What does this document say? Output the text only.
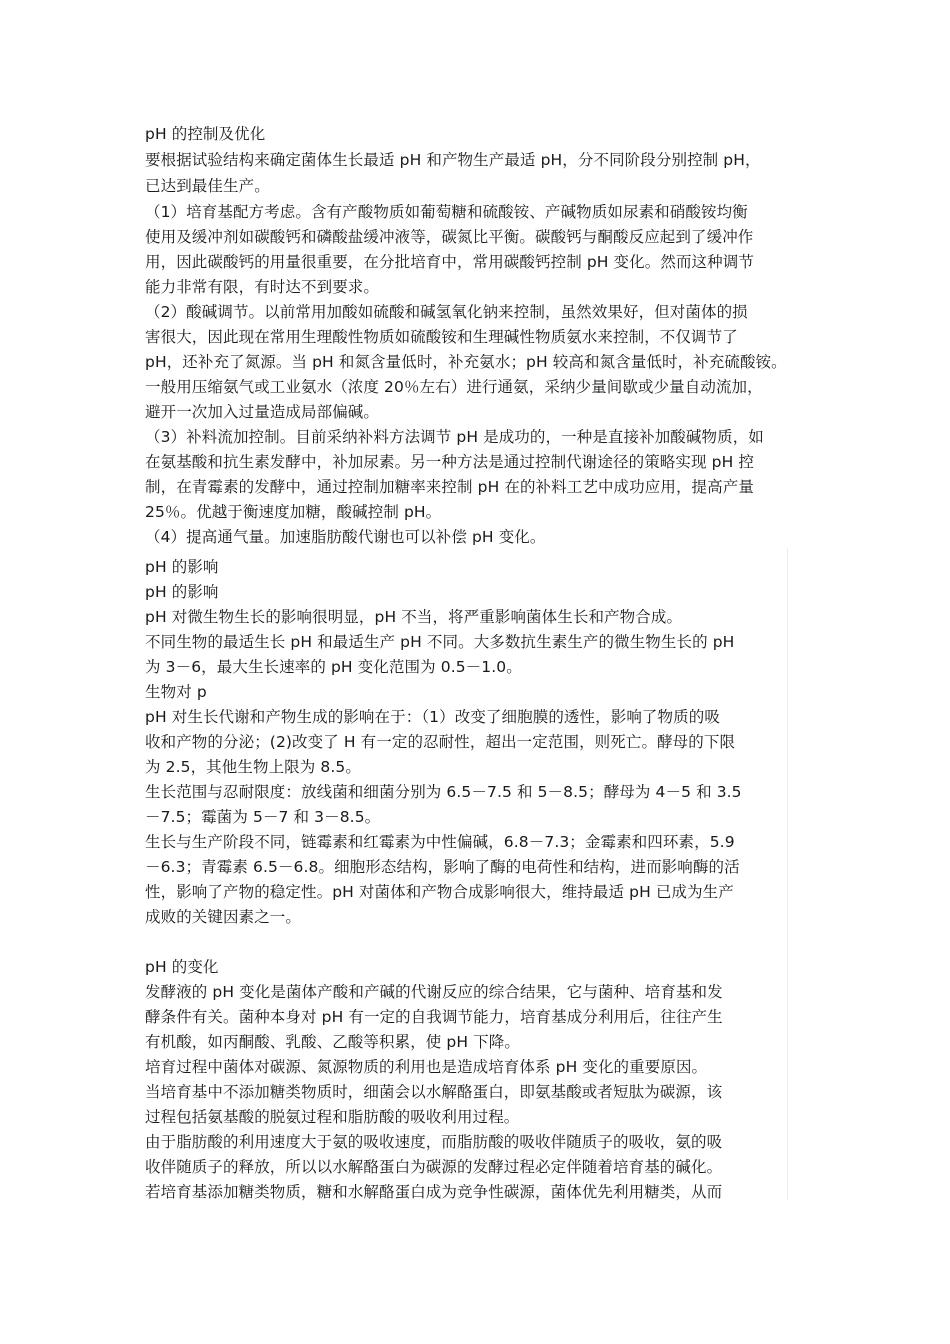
pH 的控制及优化
要根据试验结构来确定菌体生长最适 pH 和产物生产最适 pH，分不同阶段分别控制 pH，
已达到最佳生产。
（1）培育基配方考虑。含有产酸物质如葡萄糖和硫酸铵、产碱物质如尿素和硝酸铵均衡
使用及缓冲剂如碳酸钙和磷酸盐缓冲液等，碳氮比平衡。碳酸钙与酮酸反应起到了缓冲作
用，因此碳酸钙的用量很重要，在分批培育中，常用碳酸钙控制 pH 变化。然而这种调节
能力非常有限，有时达不到要求。
（2）酸碱调节。以前常用加酸如硫酸和碱氢氧化钠来控制，虽然效果好，但对菌体的损
害很大，因此现在常用生理酸性物质如硫酸铵和生理碱性物质氨水来控制，不仅调节了
pH，还补充了氮源。当 pH 和氮含量低时，补充氨水；pH 较高和氮含量低时，补充硫酸铵。
一般用压缩氨气或工业氨水（浓度 20％左右）进行通氨，采纳少量间歇或少量自动流加，
避开一次加入过量造成局部偏碱。
（3）补料流加控制。目前采纳补料方法调节 pH 是成功的，一种是直接补加酸碱物质，如
在氨基酸和抗生素发酵中，补加尿素。另一种方法是通过控制代谢途径的策略实现 pH 控
制，在青霉素的发酵中，通过控制加糖率来控制 pH 在的补料工艺中成功应用，提高产量
25％。优越于衡速度加糖，酸碱控制 pH。
（4）提高通气量。加速脂肪酸代谢也可以补偿 pH 变化。
pH 的影响
pH 的影响
pH 对微生物生长的影响很明显，pH 不当，将严重影响菌体生长和产物合成。
不同生物的最适生长 pH 和最适生产 pH 不同。大多数抗生素生产的微生物生长的 pH
为 3－6，最大生长速率的 pH 变化范围为 0.5－1.0。
生物对 p
pH 对生长代谢和产物生成的影响在于：（1）改变了细胞膜的透性，影响了物质的吸
收和产物的分泌；(2)改变了 H 有一定的忍耐性，超出一定范围，则死亡。酵母的下限
为 2.5，其他生物上限为 8.5。
生长范围与忍耐限度：放线菌和细菌分别为 6.5－7.5 和 5－8.5；酵母为 4－5 和 3.5
－7.5；霉菌为 5－7 和 3－8.5。
生长与生产阶段不同，链霉素和红霉素为中性偏碱，6.8－7.3；金霉素和四环素，5.9
－6.3；青霉素 6.5－6.8。细胞形态结构，影响了酶的电荷性和结构，进而影响酶的活
性，影响了产物的稳定性。pH 对菌体和产物合成影响很大，维持最适 pH 已成为生产
成败的关键因素之一。
pH 的变化
发酵液的 pH 变化是菌体产酸和产碱的代谢反应的综合结果，它与菌种、培育基和发
酵条件有关。菌种本身对 pH 有一定的自我调节能力，培育基成分利用后，往往产生
有机酸，如丙酮酸、乳酸、乙酸等积累，使 pH 下降。
培育过程中菌体对碳源、氮源物质的利用也是造成培育体系 pH 变化的重要原因。
当培育基中不添加糖类物质时，细菌会以水解酪蛋白，即氨基酸或者短肽为碳源，该
过程包括氨基酸的脱氨过程和脂肪酸的吸收利用过程。
由于脂肪酸的利用速度大于氨的吸收速度，而脂肪酸的吸收伴随质子的吸收，氨的吸
收伴随质子的释放，所以以水解酪蛋白为碳源的发酵过程必定伴随着培育基的碱化。
若培育基添加糖类物质，糖和水解酪蛋白成为竞争性碳源，菌体优先利用糖类，从而
